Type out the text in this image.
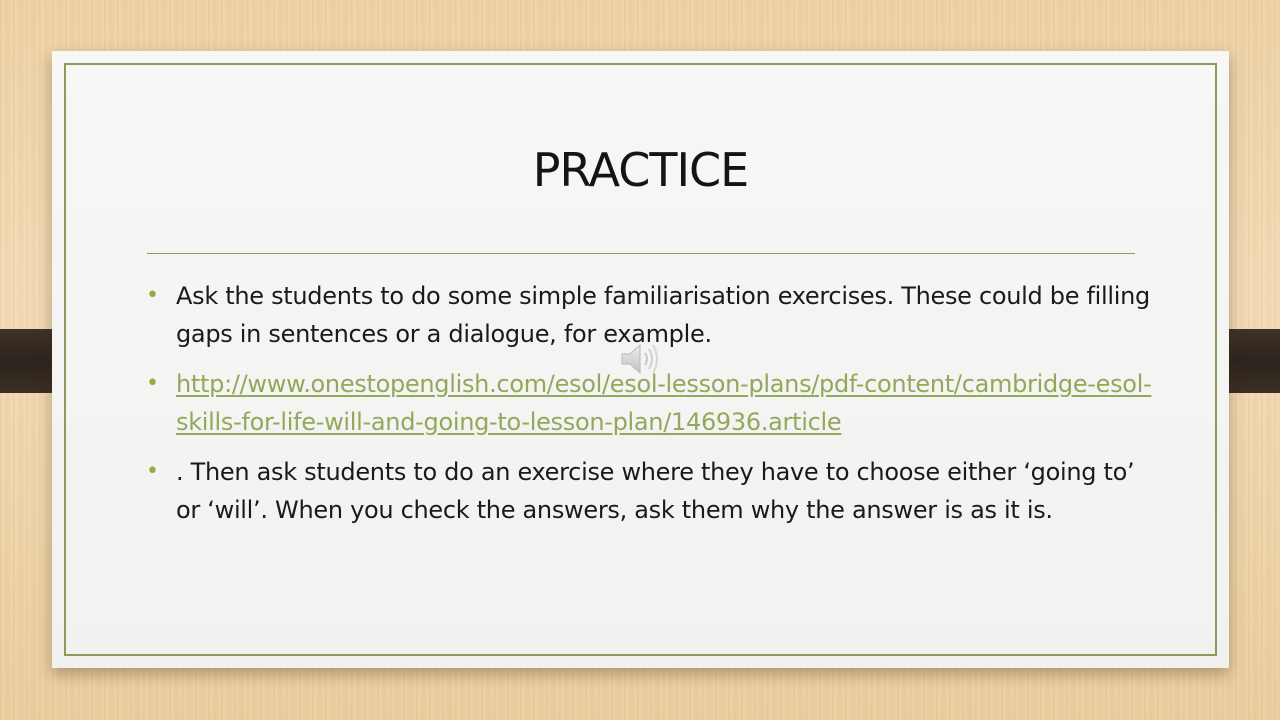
PRACTICE
• Ask the students to do some simple familiarisation exercises. These could be filling gaps in sentences or a dialogue, for example.
• http://www.onestopenglish.com/esol/esol-lesson-plans/pdf-content/cambridge-esol-skills-for-life-will-and-going-to-lesson-plan/146936.article
• . Then ask students to do an exercise where they have to choose either ‘going to’ or ‘will’. When you check the answers, ask them why the answer is as it is.
